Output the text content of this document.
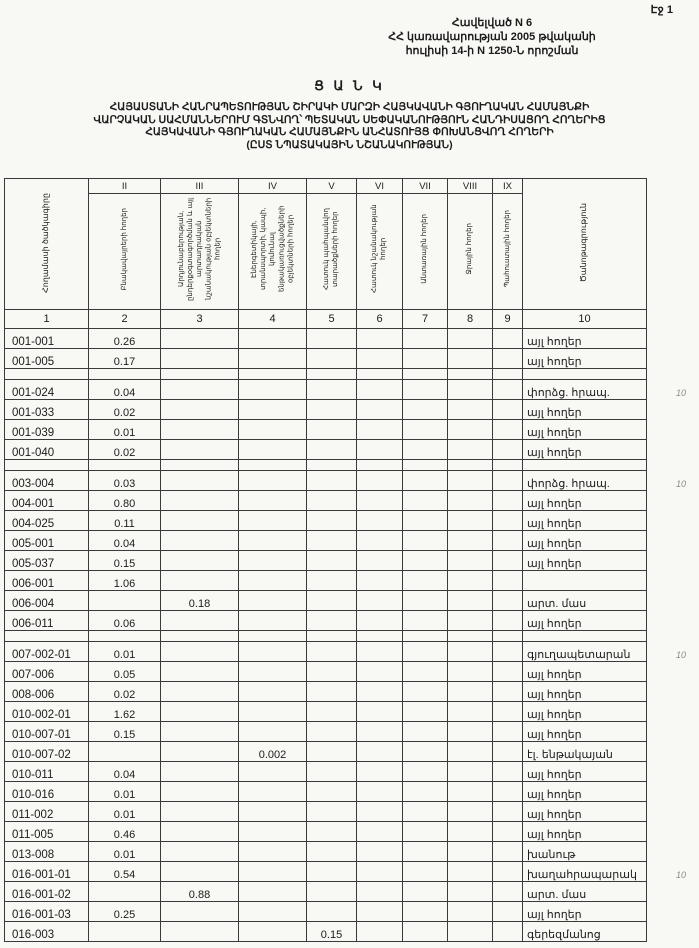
Էջ 1
Հավելված N 6
ՀՀ կառավարության 2005 թվականի
հուլիսի 14-ի N 1250-Ն որոշման
Ց Ա Ն Կ
ՀԱՅԱՍՏԱՆԻ ՀԱՆՐԱՊԵՏՈՒԹՅԱՆ ՇԻՐԱԿԻ ՄԱՐԶԻ ՀԱՅԿԱՎԱՆԻ ԳՅՈՒՂԱԿԱՆ ՀԱՄԱՅՆՔԻ
ՎԱՐՉԱԿԱՆ ՍԱՀՄԱՆՆԵՐՈՒՄ ԳՏՆՎՈՂ՝ ՊԵՏԱԿԱՆ ՍԵՓԱԿԱՆՈՒԹՅՈՒՆ ՀԱՆԴԻՍԱՑՈՂ ՀՈՂԵՐԻՑ
ՀԱՅԿԱՎԱՆԻ ԳՅՈՒՂԱԿԱՆ ՀԱՄԱՅՆՔԻՆ ԱՆՀԱՏՈՒՅՑ ՓՈԽԱՆՑՎՈՂ ՀՈՂԵՐԻ
(ԸՍՏ ՆՊԱՏԱԿԱՅԻՆ ՆՇԱՆԱԿՈՒԹՅԱՆ)
Հողամասի ծածկագիրը	II	III	IV	V	VI	VII	VIII	IX	Ծանոթագրություն
	Բնակավայրերի հողեր	Արդյունաբերության, ընդերքօգտագործման և այլ արտադրական նշանակության օբյեկտների հողեր	Էներգետիկայի, տրանսպորտի, կապի, կոմունալ ենթակառուցվածքների օբյեկտների հողեր	Հատուկ պահպանվող տարածքների հողեր	Հատուկ նշանակության հողեր	Անտառային հողեր	Ջրային հողեր	Պահուստային հողեր	
1	2	3	4	5	6	7	8	9	10
001-001	0.26								այլ հողեր
001-005	0.17								այլ հողեր

001-024	0.04								փորձց. հրապ. 10

001-033	0.02								այլ հողեր
001-039	0.01								այլ հողեր
001-040	0.02								այլ հողեր

003-004	0.03								փորձց. հրապ. 10

004-001	0.80								այլ հողեր
004-025	0.11								այլ հողեր
005-001	0.04								այլ հողեր
005-037	0.15								այլ հողեր
006-001	1.06								
006-004		0.18							արտ. մաս
006-011	0.06								այլ հողեր

007-002-01	0.01								գյուղապետարան 10

007-006	0.05								այլ հողեր
008-006	0.02								այլ հողեր
010-002-01	1.62								այլ հողեր
010-007-01	0.15								այլ հողեր
010-007-02			0.002						էլ. ենթակայան
010-011	0.04								այլ հողեր
010-016	0.01								այլ հողեր
011-002	0.01								այլ հողեր
011-005	0.46								այլ հողեր
013-008	0.01								խանութ
016-001-01	0.54								խաղահրապարակ 10

016-001-02		0.88							արտ. մաս
016-001-03	0.25								այլ հողեր
016-003				0.15					գերեզմանոց
